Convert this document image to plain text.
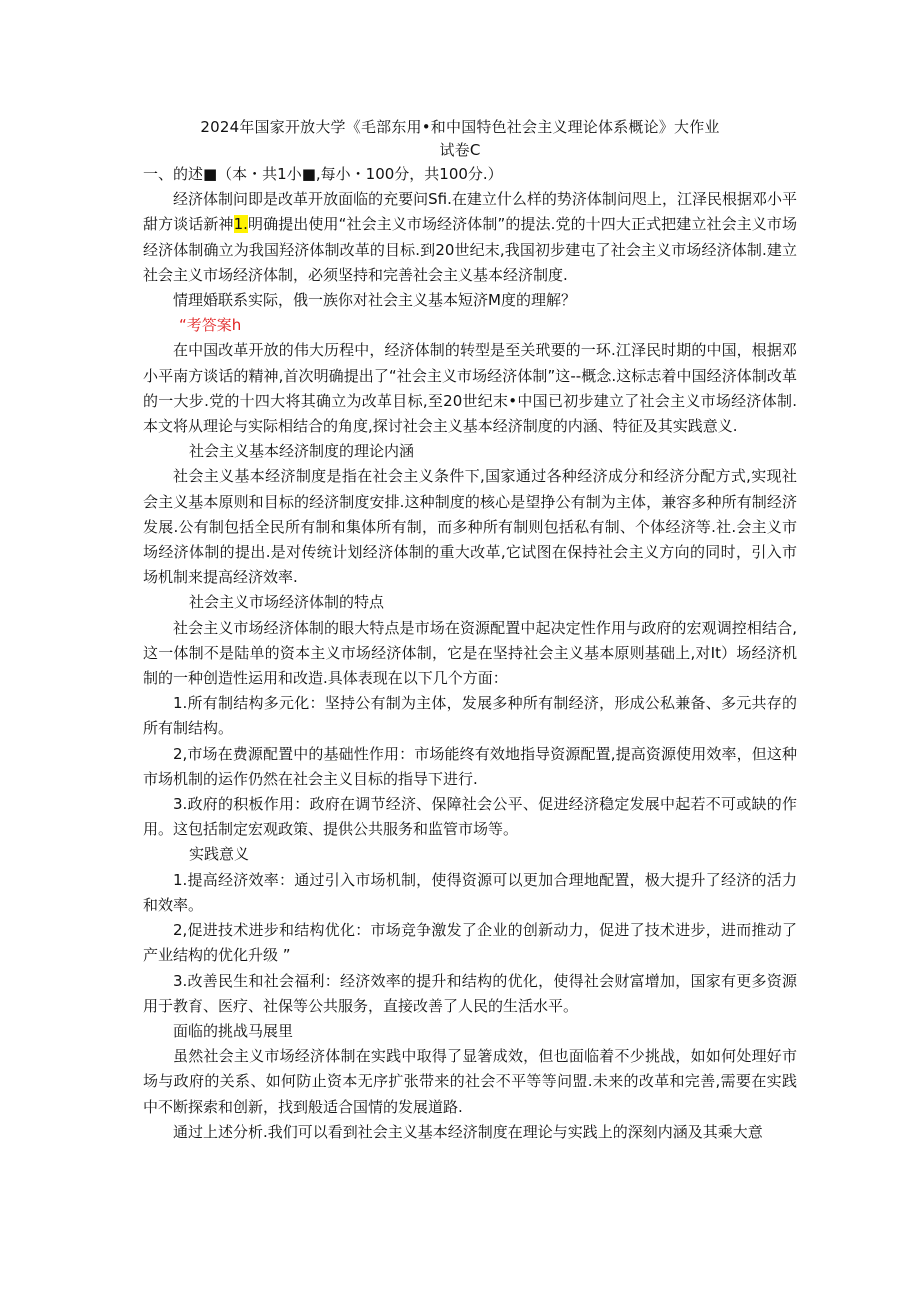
2024年国家开放大学《毛部东用•和中国特色社会主义理论体系概论》大作业
试卷C

一、的述■（本・共1小■,每小・100分，共100分.）

经济体制问即是改革开放面临的充要问Sfi.在建立什么样的势济体制问咫上，江泽民根据邓小平甜方谈话新神1.明确提出使用“社会主义市场经济体制”的提法.党的十四大正式把建立社会主义市场经济体制确立为我国羟济体制改革的目标.到20世纪末,我国初步建屯了社会主义市场经济体制.建立社会主义市场经济体制，必须坚持和完善社会主义基本经济制度.

情理婚联系实际，俄一族你对社会主义基本短济M度的理解？

“考答案h

在中国改革开放的伟大历程中，经济体制的转型是至关玳要的一环.江泽民时期的中国，根据邓小平南方谈话的精神,首次明确提出了“社会主义市场经济体制”这--概念.这标志着中国经济体制改革的一大步.党的十四大将其确立为改革目标,至20世纪末•中国已初步建立了社会主义市场经济体制.本文将从理论与实际相结合的角度,探讨社会主义基本经济制度的内涵、特征及其实践意义.

社会主义基本经济制度的理论内涵

社会主义基本经济制度是指在社会主义条件下,国家通过各种经济成分和经济分配方式,实现社会主义基本原则和目标的经济制度安排.这种制度的核心是望挣公有制为主体，兼容多种所有制经济发展.公有制包括全民所有制和集体所有制，而多种所有制则包括私有制、个体经济等.社.会主义市场经济体制的提出.是对传统计划经济体制的重大改革,它试图在保持社会主义方向的同时，引入市场机制来提高经济效率.

社会主义市场经济体制的特点

社会主义市场经济体制的眼大特点是市场在资源配置中起决定性作用与政府的宏观调控相结合,这一体制不是陆单的资本主义市场经济体制，它是在坚持社会主义基本原则基础上,对It）场经济机制的一种创造性运用和改造.具体表现在以下几个方面：

1.所有制结构多元化：坚持公有制为主体，发展多种所有制经济，形成公私兼备、多元共存的所有制结构。

2,市场在费源配置中的基础性作用：市场能终有效地指导资源配置,提高资源使用效率，但这种市场机制的运作仍然在社会主义目标的指导下进行.

3.政府的积板作用：政府在调节经济、保障社会公平、促进经济稳定发展中起若不可或缺的作用。这包括制定宏观政策、提供公共服务和监管市场等。

实践意义

1.提高经济效率：通过引入市场机制，使得资源可以更加合理地配置，极大提升了经济的活力和效率。

2,促进技术进步和结构优化：市场竞争激发了企业的创新动力，促进了技术进步，进而推动了产业结构的优化升级 ”

3.改善民生和社会福利：经济效率的提升和结构的优化，使得社会财富增加，国家有更多资源用于教育、医疗、社保等公共服务，直接改善了人民的生活水平。

面临的挑战马展里

虽然社会主义市场经济体制在实践中取得了显箸成效，但也面临着不少挑战，如如何处理好市场与政府的关系、如何防止资本无序扩张带来的社会不平等等问盟.未来的改革和完善,需要在实践中不断探索和创新，找到般适合国情的发展道路.

通过上述分析.我们可以看到社会主义基本经济制度在理论与实践上的深刻内涵及其乘大意
